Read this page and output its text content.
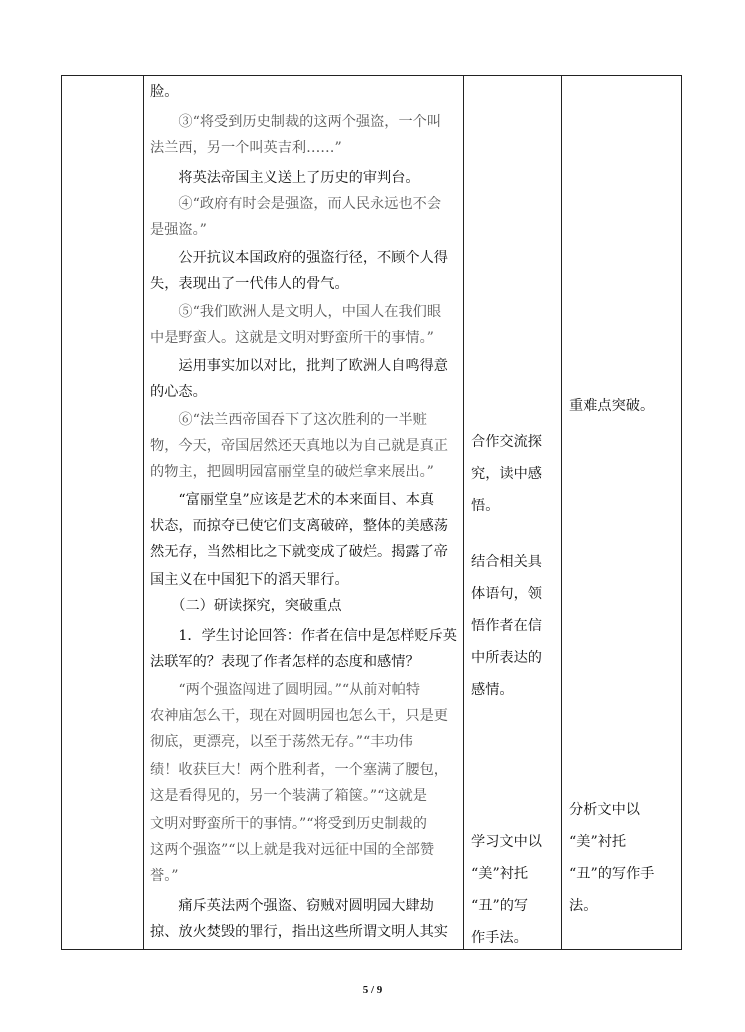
脸。
　　③“将受到历史制裁的这两个强盗，一个叫
法兰西，另一个叫英吉利……”
　　将英法帝国主义送上了历史的审判台。
　　④“政府有时会是强盗，而人民永远也不会
是强盗。”
　　公开抗议本国政府的强盗行径，不顾个人得
失，表现出了一代伟人的骨气。
　　⑤“我们欧洲人是文明人，中国人在我们眼
中是野蛮人。这就是文明对野蛮所干的事情。”
　　运用事实加以对比，批判了欧洲人自鸣得意
的心态。
　　⑥“法兰西帝国吞下了这次胜利的一半赃
物，今天，帝国居然还天真地以为自己就是真正
的物主，把圆明园富丽堂皇的破烂拿来展出。”
　　“富丽堂皇”应该是艺术的本来面目、本真
状态，而掠夺已使它们支离破碎，整体的美感荡
然无存，当然相比之下就变成了破烂。揭露了帝
国主义在中国犯下的滔天罪行。
　　（二）研读探究，突破重点
　　1．学生讨论回答：作者在信中是怎样贬斥英
法联军的？表现了作者怎样的态度和感情？
　　“两个强盗闯进了圆明园。”“从前对帕特
农神庙怎么干，现在对圆明园也怎么干，只是更
彻底，更漂亮，以至于荡然无存。”“丰功伟
绩！收获巨大！两个胜利者，一个塞满了腰包，
这是看得见的，另一个装满了箱箧。”“这就是
文明对野蛮所干的事情。”“将受到历史制裁的
这两个强盗”“以上就是我对远征中国的全部赞
誉。”
　　痛斥英法两个强盗、窃贼对圆明园大肆劫
掠、放火焚毁的罪行，指出这些所谓文明人其实
合作交流探
究，读中感
悟。
结合相关具
体语句，领
悟作者在信
中所表达的
感情。
学习文中以
“美”衬托
“丑”的写
作手法。
重难点突破。
分析文中以
“美”衬托
“丑”的写作手
法。
5 / 9
